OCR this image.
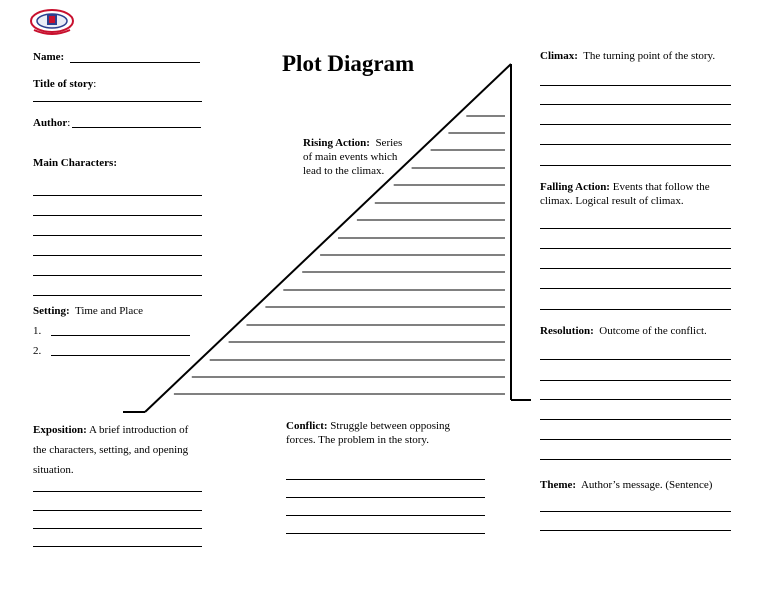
Plot Diagram
Name:
Title of story:
Author:
Main Characters:
Setting: Time and Place
1.
2.
Exposition: A brief introduction of
the characters, setting, and opening
situation.
Rising Action: Series
of main events which
lead to the climax.
Conflict: Struggle between opposing
forces. The problem in the story.
Climax: The turning point of the story.
Falling Action: Events that follow the
climax. Logical result of climax.
Resolution: Outcome of the conflict.
Theme: Author’s message. (Sentence)
